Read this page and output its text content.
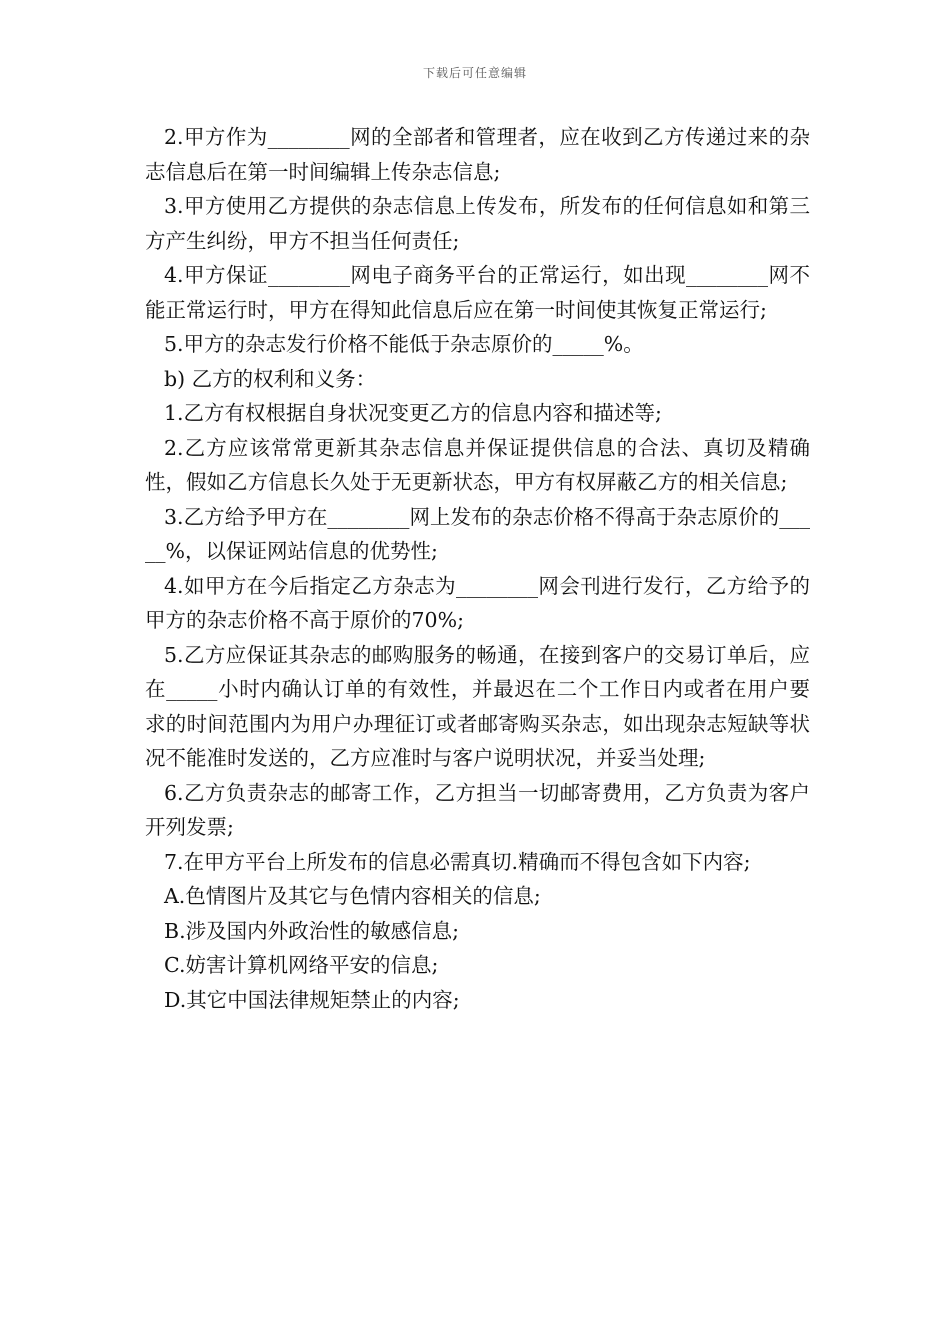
下载后可任意编辑

2.甲方作为________网的全部者和管理者，应在收到乙方传递过来的杂志信息后在第一时间编辑上传杂志信息;

3.甲方使用乙方提供的杂志信息上传发布，所发布的任何信息如和第三方产生纠纷，甲方不担当任何责任;

4.甲方保证________网电子商务平台的正常运行，如出现________网不能正常运行时，甲方在得知此信息后应在第一时间使其恢复正常运行;

5.甲方的杂志发行价格不能低于杂志原价的_____%。

b) 乙方的权利和义务：

1.乙方有权根据自身状况变更乙方的信息内容和描述等;

2.乙方应该常常更新其杂志信息并保证提供信息的合法、真切及精确性，假如乙方信息长久处于无更新状态，甲方有权屏蔽乙方的相关信息;

3.乙方给予甲方在________网上发布的杂志价格不得高于杂志原价的_____%，以保证网站信息的优势性;

4.如甲方在今后指定乙方杂志为________网会刊进行发行，乙方给予的甲方的杂志价格不高于原价的70%;

5.乙方应保证其杂志的邮购服务的畅通，在接到客户的交易订单后，应在_____小时内确认订单的有效性，并最迟在二个工作日内或者在用户要求的时间范围内为用户办理征订或者邮寄购买杂志，如出现杂志短缺等状况不能准时发送的，乙方应准时与客户说明状况，并妥当处理;

6.乙方负责杂志的邮寄工作，乙方担当一切邮寄费用，乙方负责为客户开列发票;

7.在甲方平台上所发布的信息必需真切.精确而不得包含如下内容;

A.色情图片及其它与色情内容相关的信息;

B.涉及国内外政治性的敏感信息;

C.妨害计算机网络平安的信息;

D.其它中国法律规矩禁止的内容;
